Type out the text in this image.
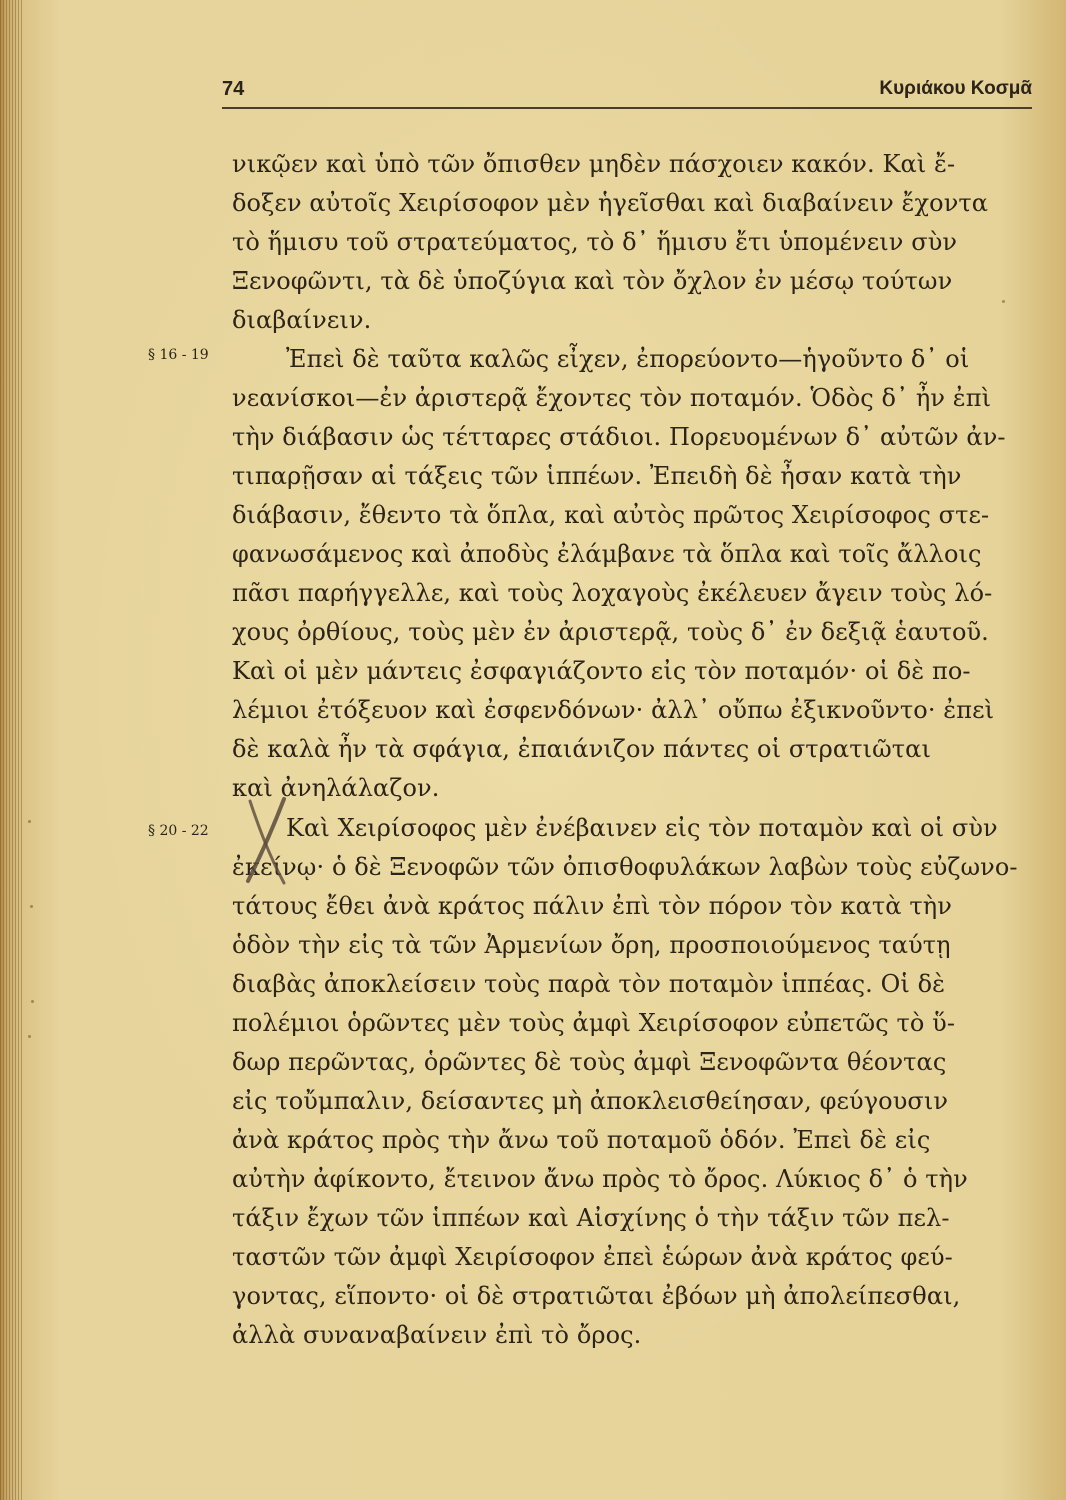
74	Κυριάκου Κοσμᾶ
§ 16 - 19
§ 20 - 22
νικῷεν καὶ ὑπὸ τῶν ὄπισθεν μηδὲν πάσχοιεν κακόν. Καὶ ἔ-
δοξεν αὐτοῖς Χειρίσοφον μὲν ἡγεῖσθαι καὶ διαβαίνειν ἔχοντα
τὸ ἥμισυ τοῦ στρατεύματος, τὸ δ᾽ ἥμισυ ἔτι ὑπομένειν σὺν
Ξενοφῶντι, τὰ δὲ ὑποζύγια καὶ τὸν ὄχλον ἐν μέσῳ τούτων
διαβαίνειν.
Ἐπεὶ δὲ ταῦτα καλῶς εἶχεν, ἐπορεύοντο—ἡγοῦντο δ᾽ οἱ
νεανίσκοι—ἐν ἀριστερᾷ ἔχοντες τὸν ποταμόν. Ὁδὸς δ᾽ ἦν ἐπὶ
τὴν διάβασιν ὡς τέτταρες στάδιοι. Πορευομένων δ᾽ αὐτῶν ἀν-
τιπαρῇσαν αἱ τάξεις τῶν ἱππέων. Ἐπειδὴ δὲ ἦσαν κατὰ τὴν
διάβασιν, ἔθεντο τὰ ὅπλα, καὶ αὐτὸς πρῶτος Χειρίσοφος στε-
φανωσάμενος καὶ ἀποδὺς ἐλάμβανε τὰ ὅπλα καὶ τοῖς ἄλλοις
πᾶσι παρήγγελλε, καὶ τοὺς λοχαγοὺς ἐκέλευεν ἄγειν τοὺς λό-
χους ὀρθίους, τοὺς μὲν ἐν ἀριστερᾷ, τοὺς δ᾽ ἐν δεξιᾷ ἑαυτοῦ.
Καὶ οἱ μὲν μάντεις ἐσφαγιάζοντο εἰς τὸν ποταμόν· οἱ δὲ πο-
λέμιοι ἐτόξευον καὶ ἐσφενδόνων· ἀλλ᾽ οὔπω ἐξικνοῦντο· ἐπεὶ
δὲ καλὰ ἦν τὰ σφάγια, ἐπαιάνιζον πάντες οἱ στρατιῶται
καὶ ἀνηλάλαζον.
Καὶ Χειρίσοφος μὲν ἐνέβαινεν εἰς τὸν ποταμὸν καὶ οἱ σὺν
ἐκείνῳ· ὁ δὲ Ξενοφῶν τῶν ὀπισθοφυλάκων λαβὼν τοὺς εὐζωνο-
τάτους ἔθει ἀνὰ κράτος πάλιν ἐπὶ τὸν πόρον τὸν κατὰ τὴν
ὁδὸν τὴν εἰς τὰ τῶν Ἀρμενίων ὄρη, προσποιούμενος ταύτῃ
διαβὰς ἀποκλείσειν τοὺς παρὰ τὸν ποταμὸν ἱππέας. Οἱ δὲ
πολέμιοι ὁρῶντες μὲν τοὺς ἀμφὶ Χειρίσοφον εὐπετῶς τὸ ὕ-
δωρ περῶντας, ὁρῶντες δὲ τοὺς ἀμφὶ Ξενοφῶντα θέοντας
εἰς τοὔμπαλιν, δείσαντες μὴ ἀποκλεισθείησαν, φεύγουσιν
ἀνὰ κράτος πρὸς τὴν ἄνω τοῦ ποταμοῦ ὁδόν. Ἐπεὶ δὲ εἰς
αὐτὴν ἀφίκοντο, ἔτεινον ἄνω πρὸς τὸ ὄρος. Λύκιος δ᾽ ὁ τὴν
τάξιν ἔχων τῶν ἱππέων καὶ Αἰσχίνης ὁ τὴν τάξιν τῶν πελ-
ταστῶν τῶν ἀμφὶ Χειρίσοφον ἐπεὶ ἑώρων ἀνὰ κράτος φεύ-
γοντας, εἵποντο· οἱ δὲ στρατιῶται ἐβόων μὴ ἀπολείπεσθαι,
ἀλλὰ συναναβαίνειν ἐπὶ τὸ ὄρος.
